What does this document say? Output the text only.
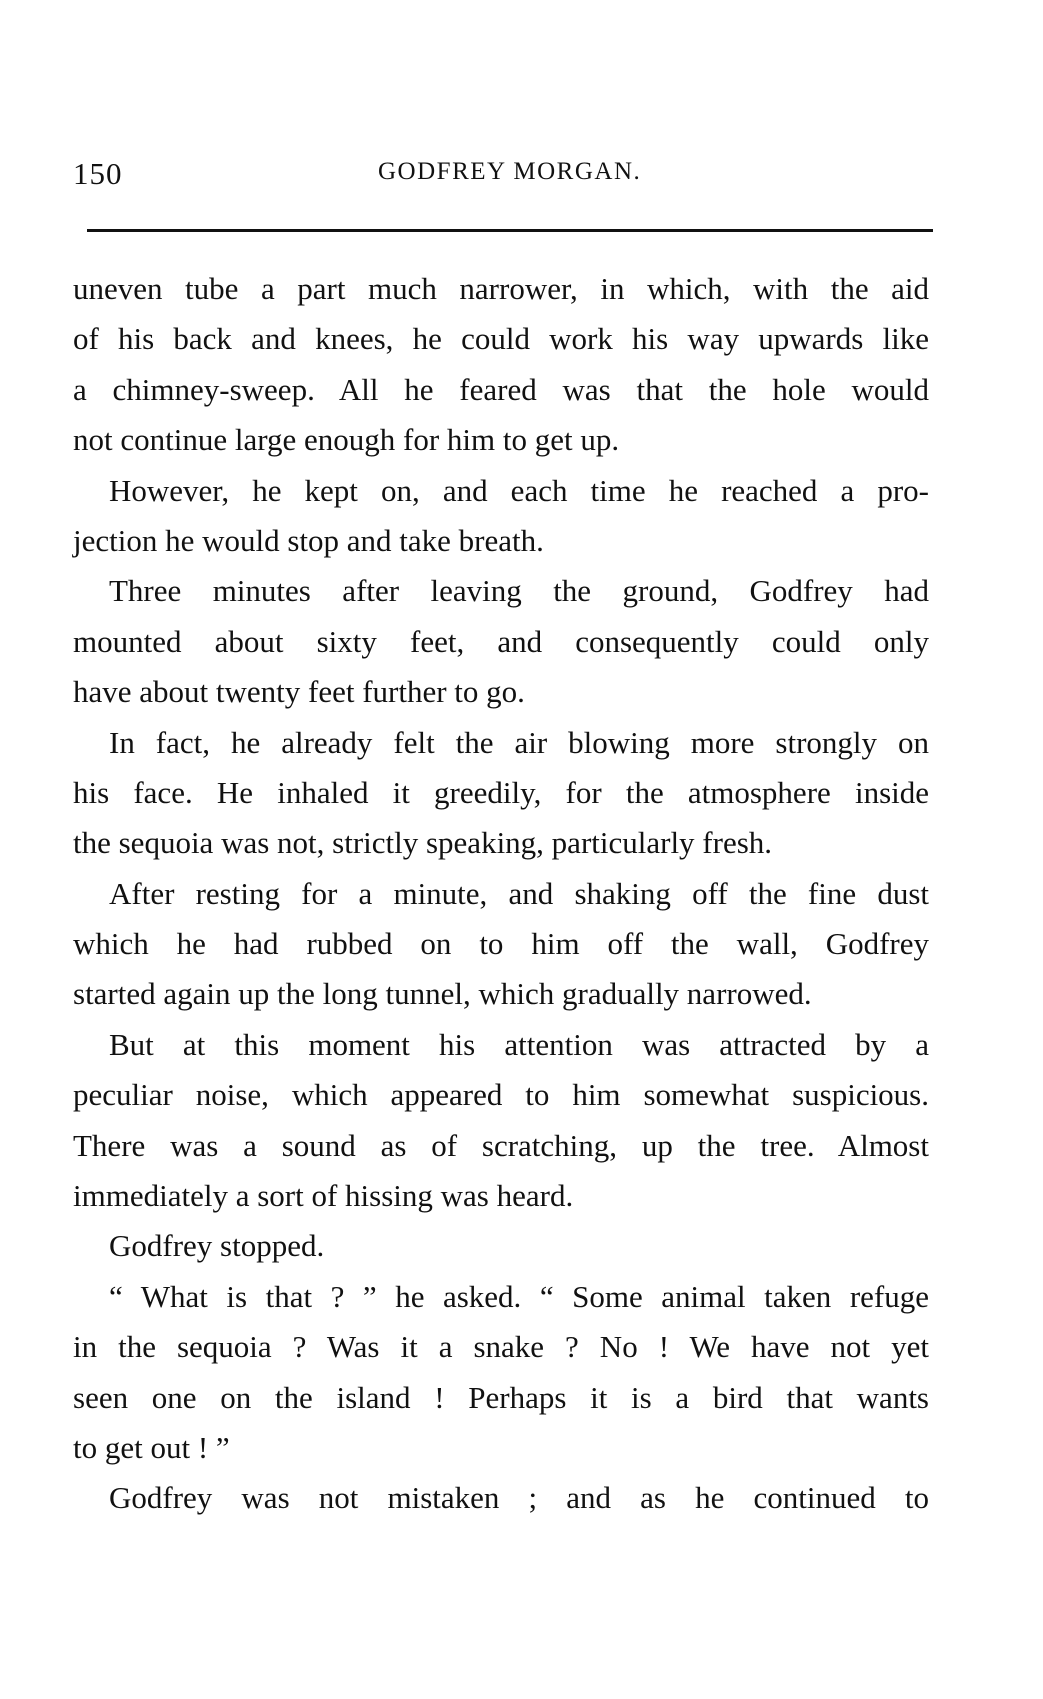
150	GODFREY MORGAN.
uneven tube a part much narrower, in which, with the aid
of his back and knees, he could work his way upwards like
a chimney-sweep. All he feared was that the hole would
not continue large enough for him to get up.
However, he kept on, and each time he reached a pro-
jection he would stop and take breath.
Three minutes after leaving the ground, Godfrey had
mounted about sixty feet, and consequently could only
have about twenty feet further to go.
In fact, he already felt the air blowing more strongly on
his face. He inhaled it greedily, for the atmosphere inside
the sequoia was not, strictly speaking, particularly fresh.
After resting for a minute, and shaking off the fine dust
which he had rubbed on to him off the wall, Godfrey
started again up the long tunnel, which gradually narrowed.
But at this moment his attention was attracted by a
peculiar noise, which appeared to him somewhat suspicious.
There was a sound as of scratching, up the tree. Almost
immediately a sort of hissing was heard.
Godfrey stopped.
“ What is that ? ” he asked. “ Some animal taken refuge
in the sequoia ? Was it a snake ? No ! We have not yet
seen one on the island ! Perhaps it is a bird that wants
to get out ! ”
Godfrey was not mistaken ; and as he continued to
